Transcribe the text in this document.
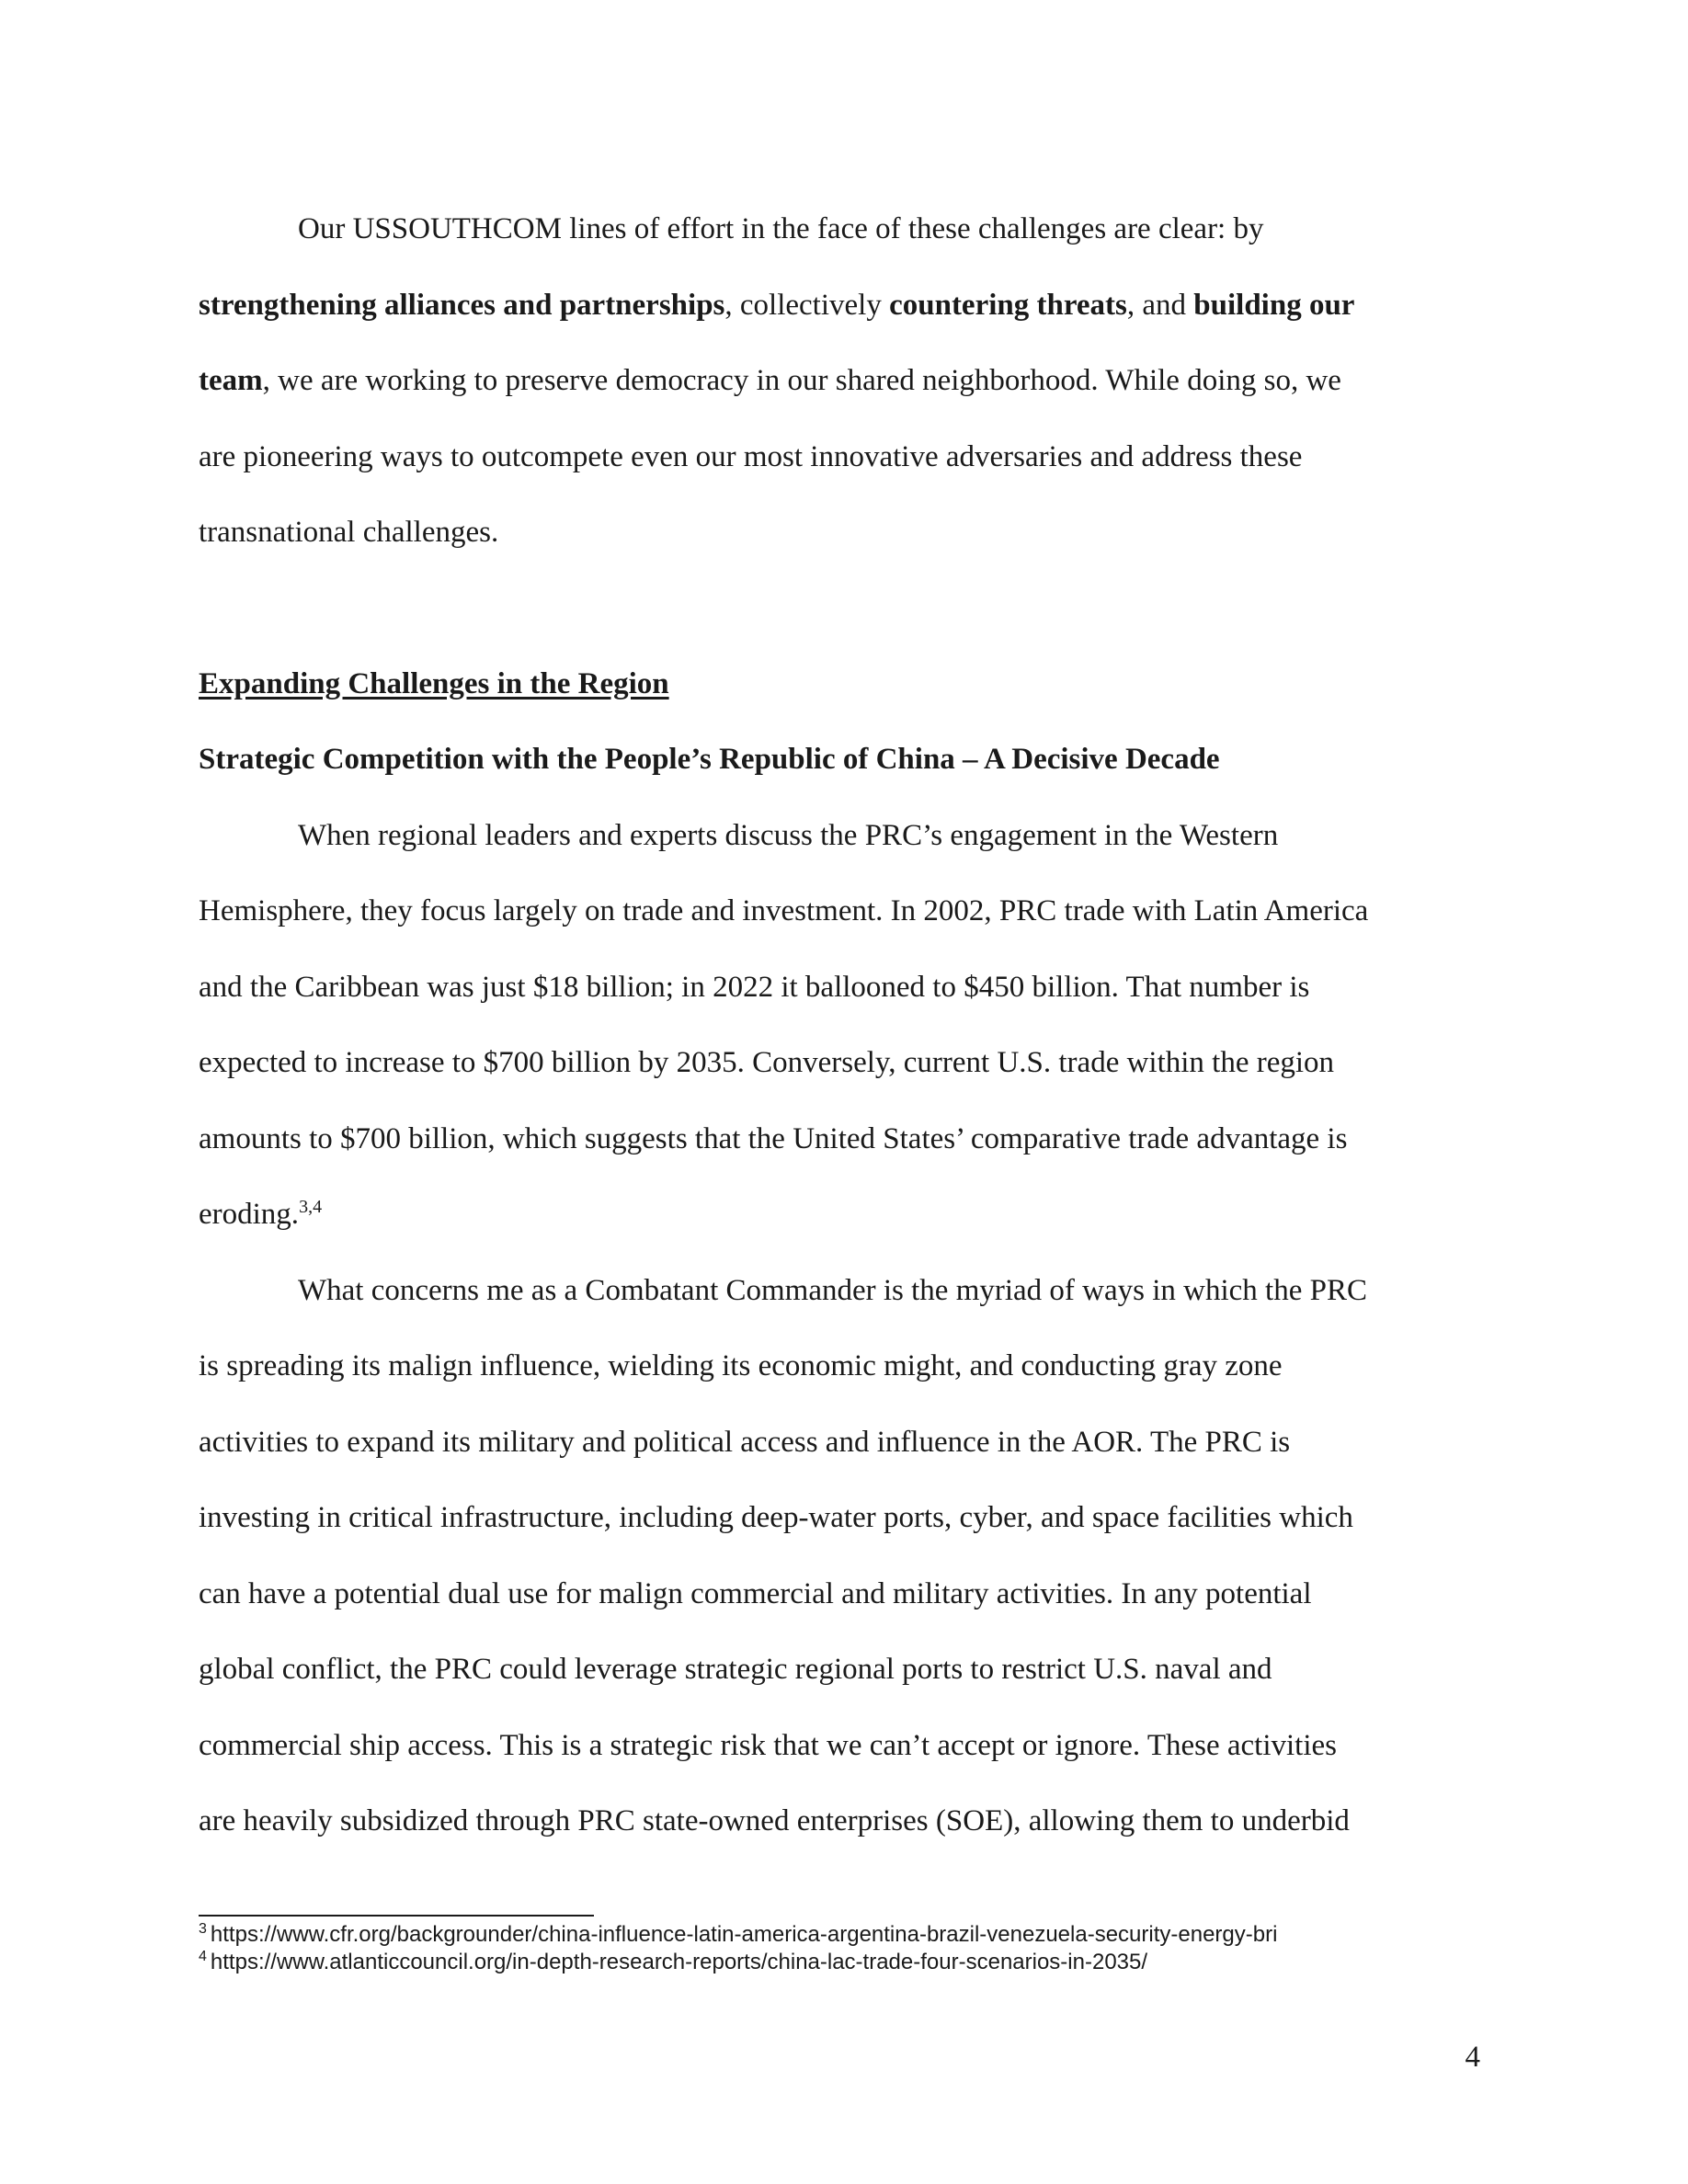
Our USSOUTHCOM lines of effort in the face of these challenges are clear: by
strengthening alliances and partnerships, collectively countering threats, and building our
team, we are working to preserve democracy in our shared neighborhood. While doing so, we
are pioneering ways to outcompete even our most innovative adversaries and address these
transnational challenges.
Expanding Challenges in the Region
Strategic Competition with the People’s Republic of China – A Decisive Decade
When regional leaders and experts discuss the PRC’s engagement in the Western
Hemisphere, they focus largely on trade and investment. In 2002, PRC trade with Latin America
and the Caribbean was just $18 billion; in 2022 it ballooned to $450 billion. That number is
expected to increase to $700 billion by 2035. Conversely, current U.S. trade within the region
amounts to $700 billion, which suggests that the United States’ comparative trade advantage is
eroding.$^{3,4}$
What concerns me as a Combatant Commander is the myriad of ways in which the PRC
is spreading its malign influence, wielding its economic might, and conducting gray zone
activities to expand its military and political access and influence in the AOR. The PRC is
investing in critical infrastructure, including deep-water ports, cyber, and space facilities which
can have a potential dual use for malign commercial and military activities. In any potential
global conflict, the PRC could leverage strategic regional ports to restrict U.S. naval and
commercial ship access. This is a strategic risk that we can’t accept or ignore. These activities
are heavily subsidized through PRC state-owned enterprises (SOE), allowing them to underbid
$^3$ https://www.cfr.org/backgrounder/china-influence-latin-america-argentina-brazil-venezuela-security-energy-bri
$^4$ https://www.atlanticcouncil.org/in-depth-research-reports/china-lac-trade-four-scenarios-in-2035/
4
